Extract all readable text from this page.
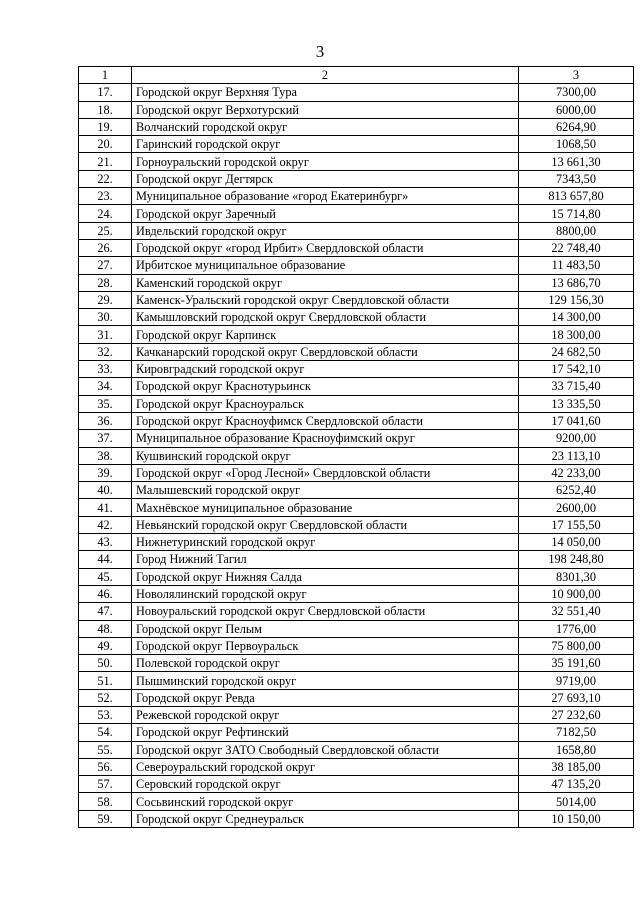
3
1	2	3
17.	Городской округ Верхняя Тура	7300,00
18.	Городской округ Верхотурский	6000,00
19.	Волчанский городской округ	6264,90
20.	Гаринский городской округ	1068,50
21.	Горноуральский городской округ	13 661,30
22.	Городской округ Дегтярск	7343,50
23.	Муниципальное образование «город Екатеринбург»	813 657,80
24.	Городской округ Заречный	15 714,80
25.	Ивдельский городской округ	8800,00
26.	Городской округ «город Ирбит» Свердловской области	22 748,40
27.	Ирбитское муниципальное образование	11 483,50
28.	Каменский городской округ	13 686,70
29.	Каменск-Уральский городской округ Свердловской области	129 156,30
30.	Камышловский городской округ Свердловской области	14 300,00
31.	Городской округ Карпинск	18 300,00
32.	Качканарский городской округ Свердловской области	24 682,50
33.	Кировградский городской округ	17 542,10
34.	Городской округ Краснотурьинск	33 715,40
35.	Городской округ Красноуральск	13 335,50
36.	Городской округ Красноуфимск Свердловской области	17 041,60
37.	Муниципальное образование Красноуфимский округ	9200,00
38.	Кушвинский городской округ	23 113,10
39.	Городской округ «Город Лесной» Свердловской области	42 233,00
40.	Малышевский городской округ	6252,40
41.	Махнёвское муниципальное образование	2600,00
42.	Невьянский городской округ Свердловской области	17 155,50
43.	Нижнетуринский городской округ	14 050,00
44.	Город Нижний Тагил	198 248,80
45.	Городской округ Нижняя Салда	8301,30
46.	Новолялинский городской округ	10 900,00
47.	Новоуральский городской округ Свердловской области	32 551,40
48.	Городской округ Пелым	1776,00
49.	Городской округ Первоуральск	75 800,00
50.	Полевской городской округ	35 191,60
51.	Пышминский городской округ	9719,00
52.	Городской округ Ревда	27 693,10
53.	Режевской городской округ	27 232,60
54.	Городской округ Рефтинский	7182,50
55.	Городской округ ЗАТО Свободный Свердловской области	1658,80
56.	Североуральский городской округ	38 185,00
57.	Серовский городской округ	47 135,20
58.	Сосьвинский городской округ	5014,00
59.	Городской округ Среднеуральск	10 150,00
